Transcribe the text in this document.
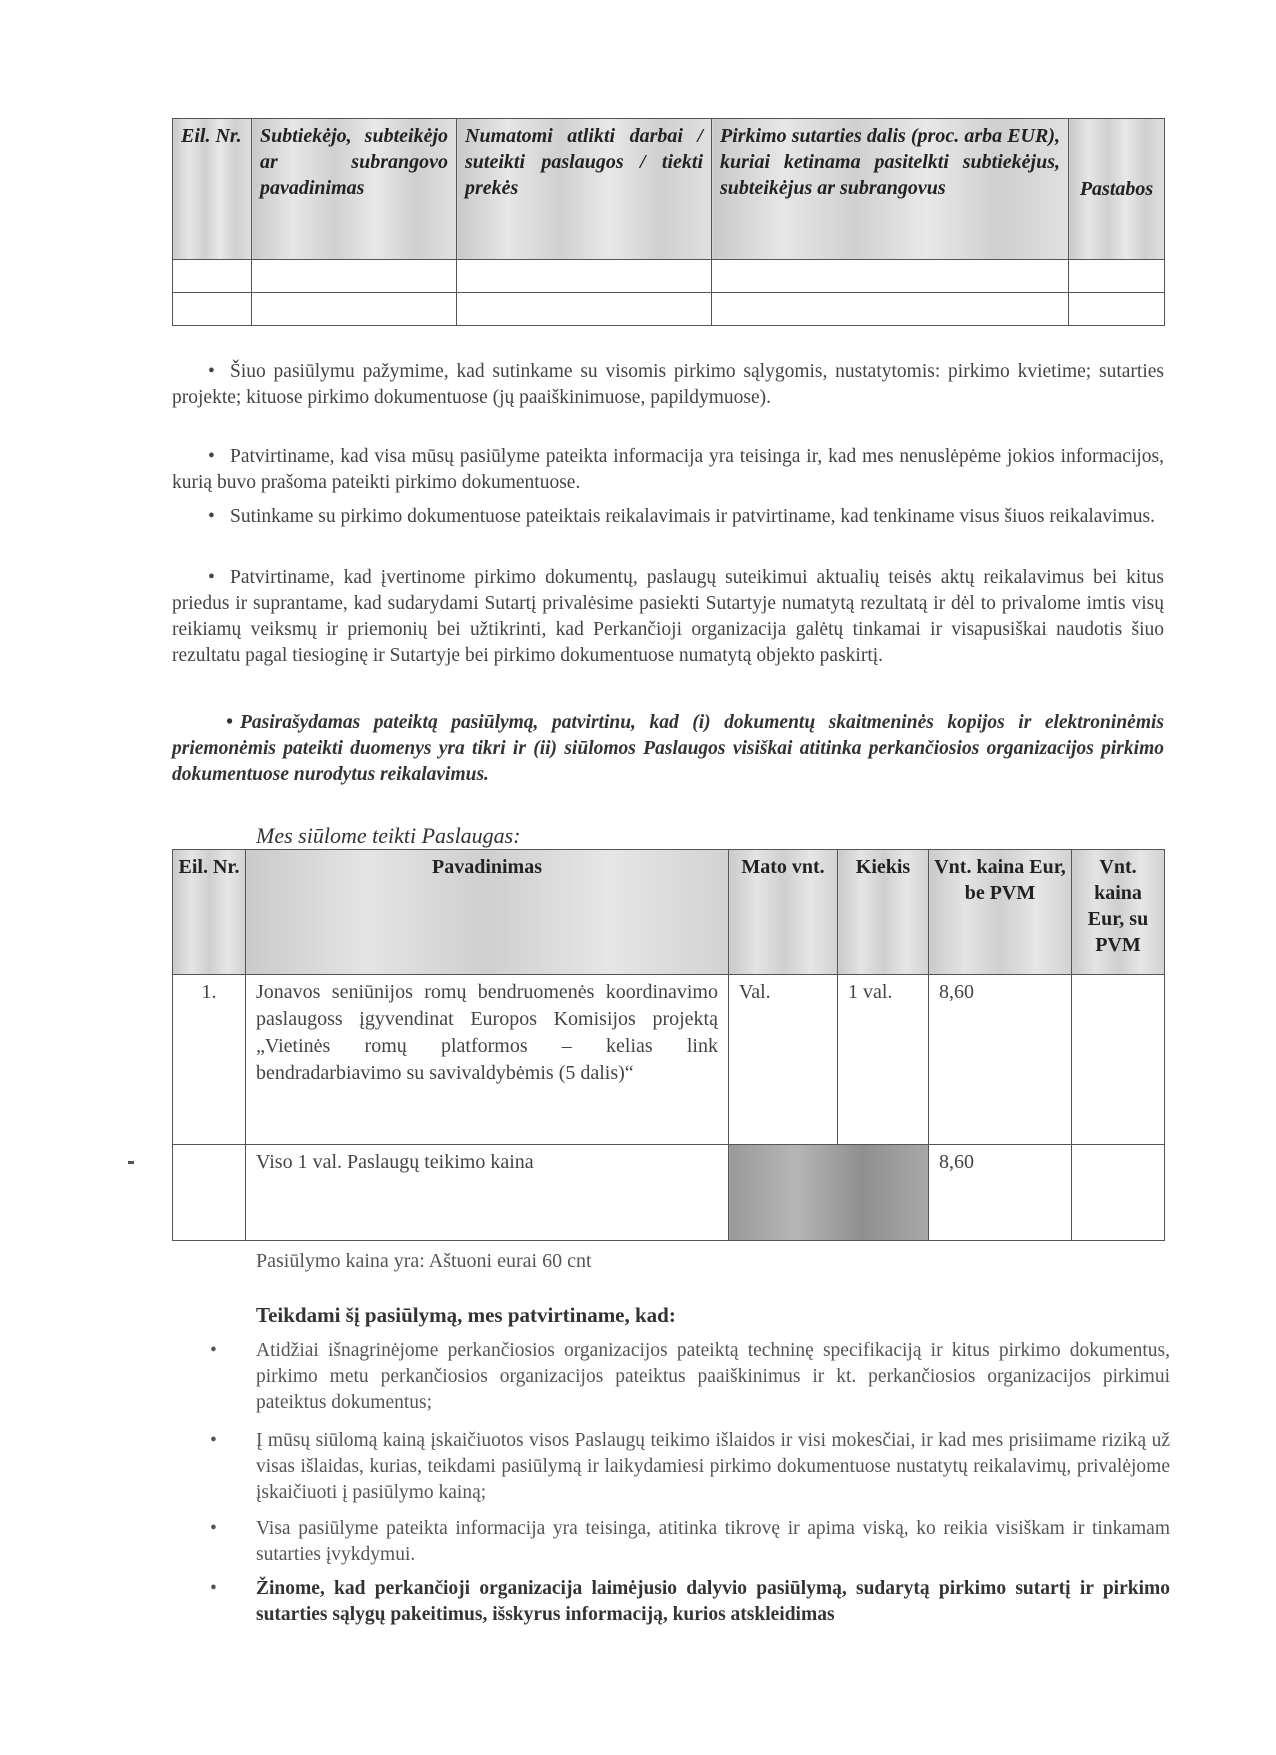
Eil. Nr.	Subtiekėjo, subteikėjo ar subrangovo pavadinimas	Numatomi atlikti darbai / suteikti paslaugos / tiekti prekės	Pirkimo sutarties dalis (proc. arba EUR), kuriai ketinama pasitelkti subtiekėjus, subteikėjus ar subrangovus	Pastabos

• Šiuo pasiūlymu pažymime, kad sutinkame su visomis pirkimo sąlygomis, nustatytomis: pirkimo kvietime; sutarties projekte; kituose pirkimo dokumentuose (jų paaiškinimuose, papildymuose).
• Patvirtiname, kad visa mūsų pasiūlyme pateikta informacija yra teisinga ir, kad mes nenuslėpėme jokios informacijos, kurią buvo prašoma pateikti pirkimo dokumentuose.
• Sutinkame su pirkimo dokumentuose pateiktais reikalavimais ir patvirtiname, kad tenkiname visus šiuos reikalavimus.
• Patvirtiname, kad įvertinome pirkimo dokumentų, paslaugų suteikimui aktualių teisės aktų reikalavimus bei kitus priedus ir suprantame, kad sudarydami Sutartį privalėsime pasiekti Sutartyje numatytą rezultatą ir dėl to privalome imtis visų reikiamų veiksmų ir priemonių bei užtikrinti, kad Perkančioji organizacija galėtų tinkamai ir visapusiškai naudotis šiuo rezultatu pagal tiesioginę ir Sutartyje bei pirkimo dokumentuose numatytą objekto paskirtį.
• Pasirašydamas pateiktą pasiūlymą, patvirtinu, kad (i) dokumentų skaitmeninės kopijos ir elektroninėmis priemonėmis pateikti duomenys yra tikri ir (ii) siūlomos Paslaugos visiškai atitinka perkančiosios organizacijos pirkimo dokumentuose nurodytus reikalavimus.
Mes siūlome teikti Paslaugas:
Eil. Nr.	Pavadinimas	Mato vnt.	Kiekis	Vnt. kaina Eur, be PVM	Vnt. kaina Eur, su PVM
1.	Jonavos seniūnijos romų bendruomenės koordinavimo paslaugoss įgyvendinat Europos Komisijos projektą „Vietinės romų platformos – kelias link bendradarbiavimo su savivaldybėmis (5 dalis)“	Val.	1 val.	8,60	
	Viso 1 val. Paslaugų teikimo kaina			8,60	
Pasiūlymo kaina yra: Aštuoni eurai 60 cnt
Teikdami šį pasiūlymą, mes patvirtiname, kad:
• Atidžiai išnagrinėjome perkančiosios organizacijos pateiktą techninę specifikaciją ir kitus pirkimo dokumentus, pirkimo metu perkančiosios organizacijos pateiktus paaiškinimus ir kt. perkančiosios organizacijos pirkimui pateiktus dokumentus;
• Į mūsų siūlomą kainą įskaičiuotos visos Paslaugų teikimo išlaidos ir visi mokesčiai, ir kad mes prisiimame riziką už visas išlaidas, kurias, teikdami pasiūlymą ir laikydamiesi pirkimo dokumentuose nustatytų reikalavimų, privalėjome įskaičiuoti į pasiūlymo kainą;
• Visa pasiūlyme pateikta informacija yra teisinga, atitinka tikrovę ir apima viską, ko reikia visiškam ir tinkamam sutarties įvykdymui.
• Žinome, kad perkančioji organizacija laimėjusio dalyvio pasiūlymą, sudarytą pirkimo sutartį ir pirkimo sutarties sąlygų pakeitimus, išskyrus informaciją, kurios atskleidimas
